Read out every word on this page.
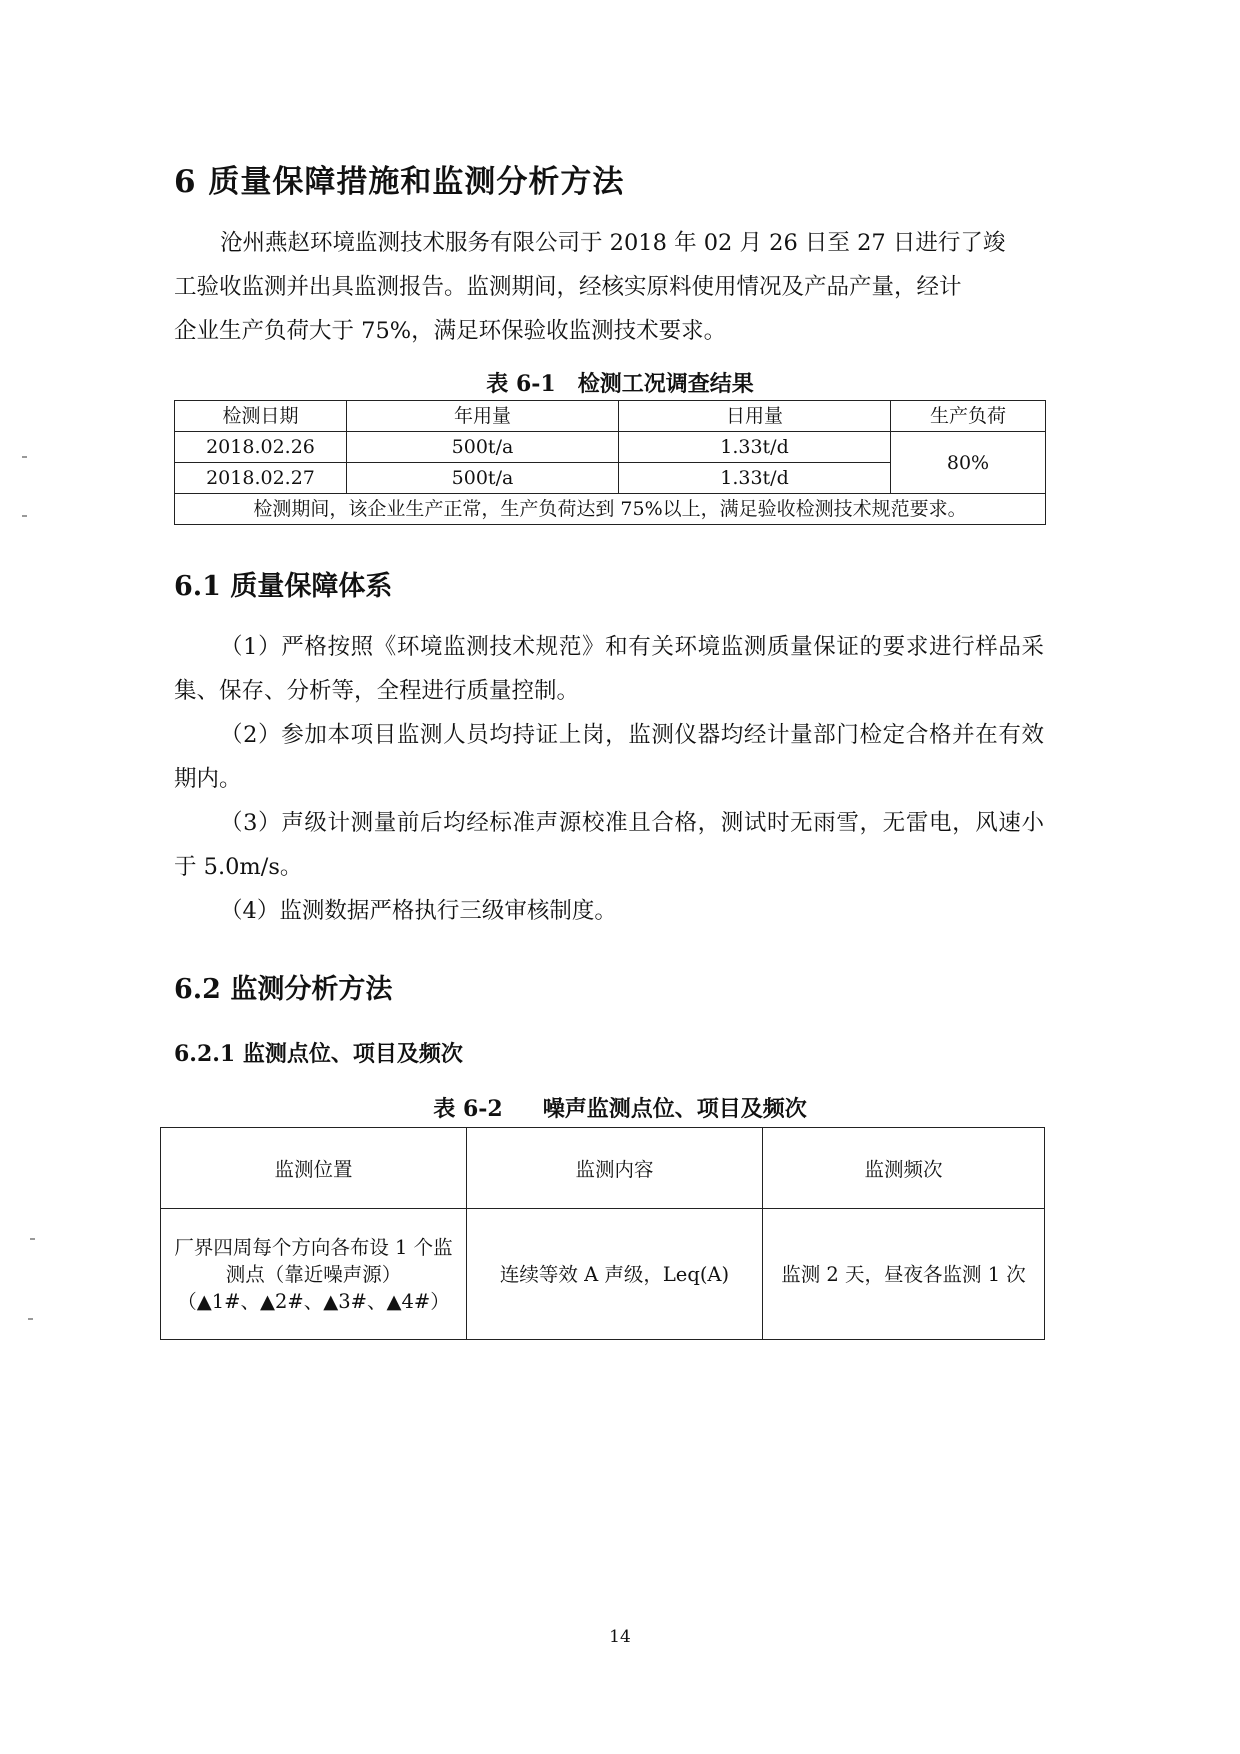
6 质量保障措施和监测分析方法

沧州燕赵环境监测技术服务有限公司于 2018 年 02 月 26 日至 27 日进行了竣

工验收监测并出具监测报告。监测期间，经核实原料使用情况及产品产量，经计

企业生产负荷大于 75%，满足环保验收监测技术要求。

表 6-1 检测工况调查结果

检测日期	年用量	日用量	生产负荷
2018.02.26	500t/a	1.33t/d	80%
2018.02.27	500t/a	1.33t/d	
检测期间，该企业生产正常，生产负荷达到 75%以上，满足验收检测技术规范要求。			
6.1 质量保障体系

（1）严格按照《环境监测技术规范》和有关环境监测质量保证的要求进行样品采集、保存、分析等，全程进行质量控制。

（2）参加本项目监测人员均持证上岗，监测仪器均经计量部门检定合格并在有效期内。

（3）声级计测量前后均经标准声源校准且合格，测试时无雨雪，无雷电，风速小于 5.0m/s。

（4）监测数据严格执行三级审核制度。

6.2 监测分析方法
6.2.1 监测点位、项目及频次

表 6-2 噪声监测点位、项目及频次

监测位置	监测内容	监测频次

厂界四周每个方向各布设 1 个监
测点（靠近噪声源）
（▲1#、▲2#、▲3#、▲4#）	连续等效 A 声级，Leq(A)	监测 2 天，昼夜各监测 1 次
14
